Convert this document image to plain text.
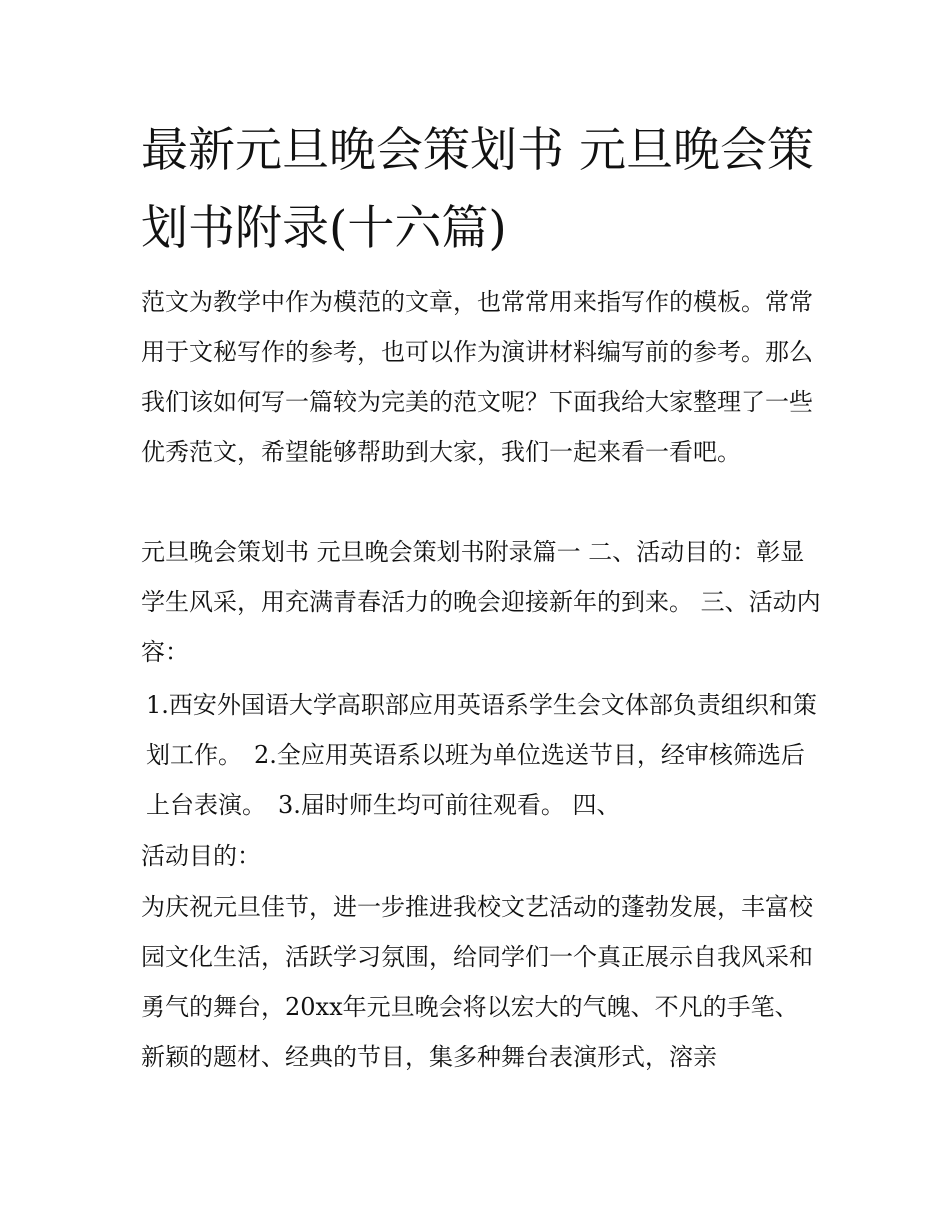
最新元旦晚会策划书 元旦晚会策划书附录(十六篇)

范文为教学中作为模范的文章，也常常用来指写作的模板。常常用于文秘写作的参考，也可以作为演讲材料编写前的参考。那么我们该如何写一篇较为完美的范文呢？下面我给大家整理了一些优秀范文，希望能够帮助到大家，我们一起来看一看吧。

元旦晚会策划书 元旦晚会策划书附录篇一 二、活动目的：彰显学生风采，用充满青春活力的晚会迎接新年的到来。 三、活动内容：

1.西安外国语大学高职部应用英语系学生会文体部负责组织和策划工作。　2.全应用英语系以班为单位选送节目，经审核筛选后上台表演。　3.届时师生均可前往观看。 四、

活动目的：

为庆祝元旦佳节，进一步推进我校文艺活动的蓬勃发展，丰富校园文化生活，活跃学习氛围，给同学们一个真正展示自我风采和勇气的舞台，20xx年元旦晚会将以宏大的气魄、不凡的手笔、新颖的题材、经典的节目，集多种舞台表演形式，溶亲
